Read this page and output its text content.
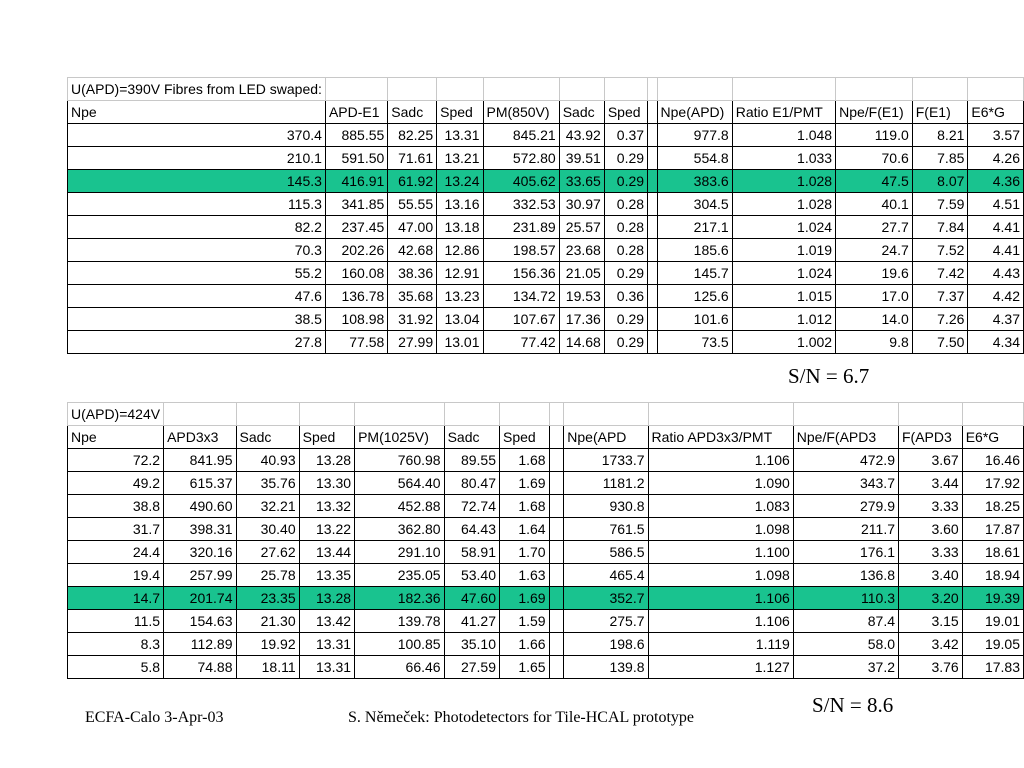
U(APD)=390V Fibres from LED swaped:												
Npe	APD-E1	Sadc	Sped	PM(850V)	Sadc	Sped		Npe(APD)	Ratio E1/PMT	Npe/F(E1)	F(E1)	E6*G
370.4	885.55	82.25	13.31	845.21	43.92	0.37		977.8	1.048	119.0	8.21	3.57
210.1	591.50	71.61	13.21	572.80	39.51	0.29		554.8	1.033	70.6	7.85	4.26
145.3	416.91	61.92	13.24	405.62	33.65	0.29		383.6	1.028	47.5	8.07	4.36
115.3	341.85	55.55	13.16	332.53	30.97	0.28		304.5	1.028	40.1	7.59	4.51
82.2	237.45	47.00	13.18	231.89	25.57	0.28		217.1	1.024	27.7	7.84	4.41
70.3	202.26	42.68	12.86	198.57	23.68	0.28		185.6	1.019	24.7	7.52	4.41
55.2	160.08	38.36	12.91	156.36	21.05	0.29		145.7	1.024	19.6	7.42	4.43
47.6	136.78	35.68	13.23	134.72	19.53	0.36		125.6	1.015	17.0	7.37	4.42
38.5	108.98	31.92	13.04	107.67	17.36	0.29		101.6	1.012	14.0	7.26	4.37
27.8	77.58	27.99	13.01	77.42	14.68	0.29		73.5	1.002	9.8	7.50	4.34
S/N = 6.7
U(APD)=424V												
Npe	APD3x3	Sadc	Sped	PM(1025V)	Sadc	Sped		Npe(APD	Ratio APD3x3/PMT	Npe/F(APD3	F(APD3	E6*G
72.2	841.95	40.93	13.28	760.98	89.55	1.68		1733.7	1.106	472.9	3.67	16.46
49.2	615.37	35.76	13.30	564.40	80.47	1.69		1181.2	1.090	343.7	3.44	17.92
38.8	490.60	32.21	13.32	452.88	72.74	1.68		930.8	1.083	279.9	3.33	18.25
31.7	398.31	30.40	13.22	362.80	64.43	1.64		761.5	1.098	211.7	3.60	17.87
24.4	320.16	27.62	13.44	291.10	58.91	1.70		586.5	1.100	176.1	3.33	18.61
19.4	257.99	25.78	13.35	235.05	53.40	1.63		465.4	1.098	136.8	3.40	18.94
14.7	201.74	23.35	13.28	182.36	47.60	1.69		352.7	1.106	110.3	3.20	19.39
11.5	154.63	21.30	13.42	139.78	41.27	1.59		275.7	1.106	87.4	3.15	19.01
8.3	112.89	19.92	13.31	100.85	35.10	1.66		198.6	1.119	58.0	3.42	19.05
5.8	74.88	18.11	13.31	66.46	27.59	1.65		139.8	1.127	37.2	3.76	17.83
S/N = 8.6
ECFA-Calo 3-Apr-03	S. Němeček: Photodetectors for Tile-HCAL prototype
